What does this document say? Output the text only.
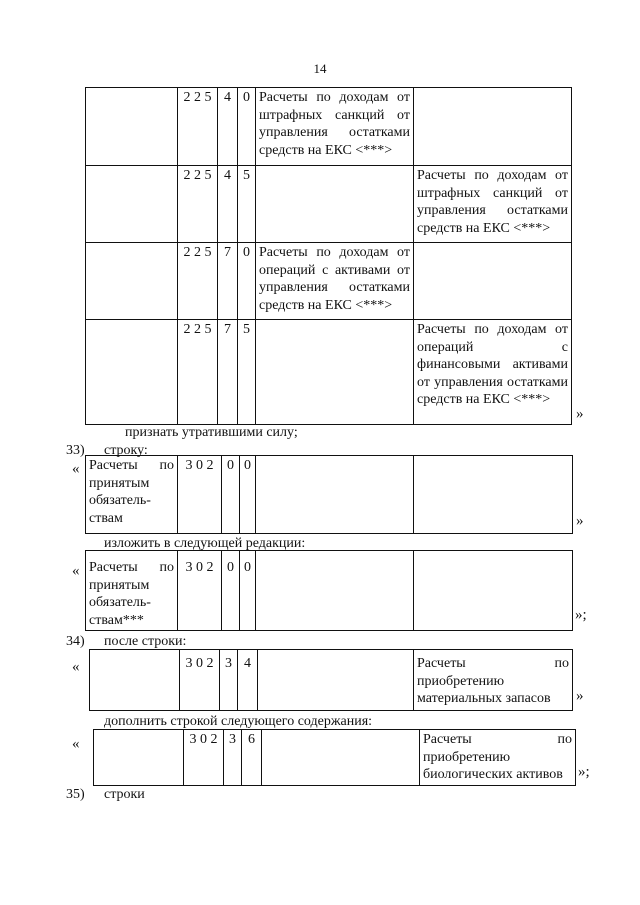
14
	2 2 5	4	0	Расчеты по доходам от штрафных санкций от управления остатками средств на ЕКС <***>	
	2 2 5	4	5		Расчеты по доходам от штрафных санкций от управления остатками средств на ЕКС <***>
	2 2 5	7	0	Расчеты по доходам от операций с активами от управления остатками средств на ЕКС <***>	
	2 2 5	7	5		Расчеты по доходам от операций с финансовыми активами от управления остатками средств на ЕКС <***>
»
признать утратившими силу;
33) строку:
« Расчеты по принятым обязатель-ствам	3 0 2	0	0		
»
изложить в следующей редакции:
« Расчеты по принятым обязатель-ствам***	3 0 2	0	0		
»;
34) после строки:
«
		3 0 2	3	4		Расчеты по приобретению материальных запасов »
дополнить строкой следующего содержания:
«
		3 0 2	3	6		Расчеты по приобретению биологических активов »;
35) строки
